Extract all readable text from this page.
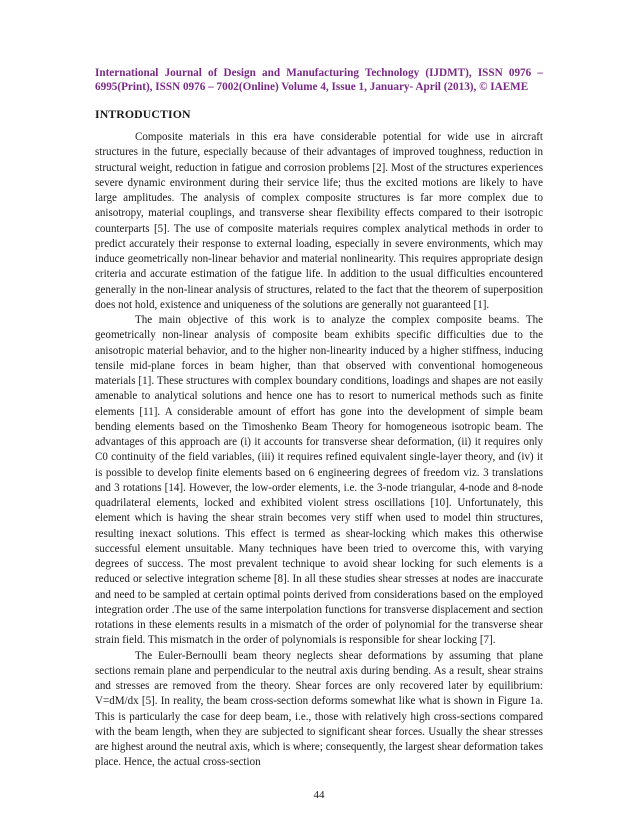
International Journal of Design and Manufacturing Technology (IJDMT), ISSN 0976 – 6995(Print), ISSN 0976 – 7002(Online) Volume 4, Issue 1, January- April (2013), © IAEME

INTRODUCTION

Composite materials in this era have considerable potential for wide use in aircraft structures in the future, especially because of their advantages of improved toughness, reduction in structural weight, reduction in fatigue and corrosion problems [2]. Most of the structures experiences severe dynamic environment during their service life; thus the excited motions are likely to have large amplitudes. The analysis of complex composite structures is far more complex due to anisotropy, material couplings, and transverse shear flexibility effects compared to their isotropic counterparts [5]. The use of composite materials requires complex analytical methods in order to predict accurately their response to external loading, especially in severe environments, which may induce geometrically non-linear behavior and material nonlinearity. This requires appropriate design criteria and accurate estimation of the fatigue life. In addition to the usual difficulties encountered generally in the non-linear analysis of structures, related to the fact that the theorem of superposition does not hold, existence and uniqueness of the solutions are generally not guaranteed [1].

The main objective of this work is to analyze the complex composite beams. The geometrically non-linear analysis of composite beam exhibits specific difficulties due to the anisotropic material behavior, and to the higher non-linearity induced by a higher stiffness, inducing tensile mid-plane forces in beam higher, than that observed with conventional homogeneous materials [1]. These structures with complex boundary conditions, loadings and shapes are not easily amenable to analytical solutions and hence one has to resort to numerical methods such as finite elements [11]. A considerable amount of effort has gone into the development of simple beam bending elements based on the Timoshenko Beam Theory for homogeneous isotropic beam. The advantages of this approach are (i) it accounts for transverse shear deformation, (ii) it requires only C0 continuity of the field variables, (iii) it requires refined equivalent single-layer theory, and (iv) it is possible to develop finite elements based on 6 engineering degrees of freedom viz. 3 translations and 3 rotations [14]. However, the low-order elements, i.e. the 3-node triangular, 4-node and 8-node quadrilateral elements, locked and exhibited violent stress oscillations [10]. Unfortunately, this element which is having the shear strain becomes very stiff when used to model thin structures, resulting inexact solutions. This effect is termed as shear-locking which makes this otherwise successful element unsuitable. Many techniques have been tried to overcome this, with varying degrees of success. The most prevalent technique to avoid shear locking for such elements is a reduced or selective integration scheme [8]. In all these studies shear stresses at nodes are inaccurate and need to be sampled at certain optimal points derived from considerations based on the employed integration order .The use of the same interpolation functions for transverse displacement and section rotations in these elements results in a mismatch of the order of polynomial for the transverse shear strain field. This mismatch in the order of polynomials is responsible for shear locking [7].

The Euler-Bernoulli beam theory neglects shear deformations by assuming that plane sections remain plane and perpendicular to the neutral axis during bending. As a result, shear strains and stresses are removed from the theory. Shear forces are only recovered later by equilibrium: V=dM/dx [5]. In reality, the beam cross-section deforms somewhat like what is shown in Figure 1a. This is particularly the case for deep beam, i.e., those with relatively high cross-sections compared with the beam length, when they are subjected to significant shear forces. Usually the shear stresses are highest around the neutral axis, which is where; consequently, the largest shear deformation takes place. Hence, the actual cross-section

44
